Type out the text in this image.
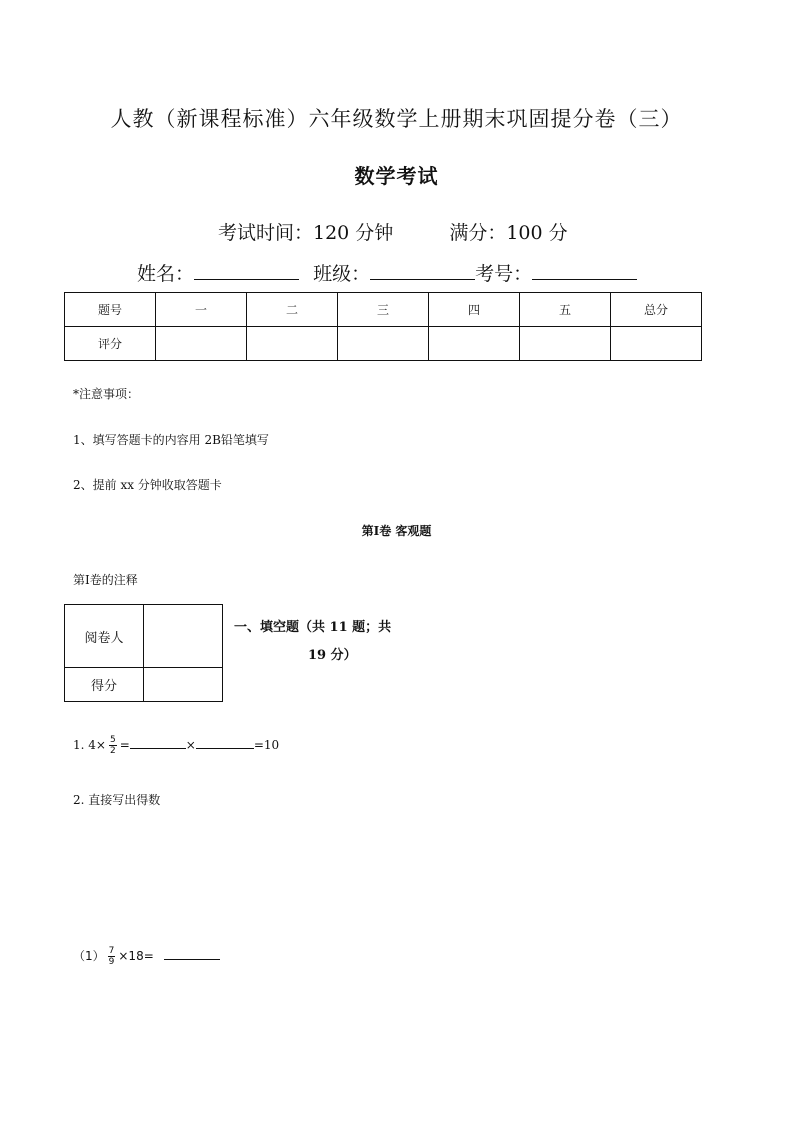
人教（新课程标准）六年级数学上册期末巩固提分卷（三）
数学考试
考试时间：120 分钟	满分：100 分
姓名：	班级：	考号：
题号	一	二	三	四	五	总分
评分						
*注意事项：
1、填写答题卡的内容用 2B铅笔填写
2、提前 xx 分钟收取答题卡
第Ⅰ卷 客观题
第Ⅰ卷的注释
阅卷人	
得分	
一、填空题（共 11 题；共
19 分）
1. $4\times \frac{5}{2}$ =	×	=10
2. 直接写出得数
$(1) \frac{7}{9} \times 18=$
